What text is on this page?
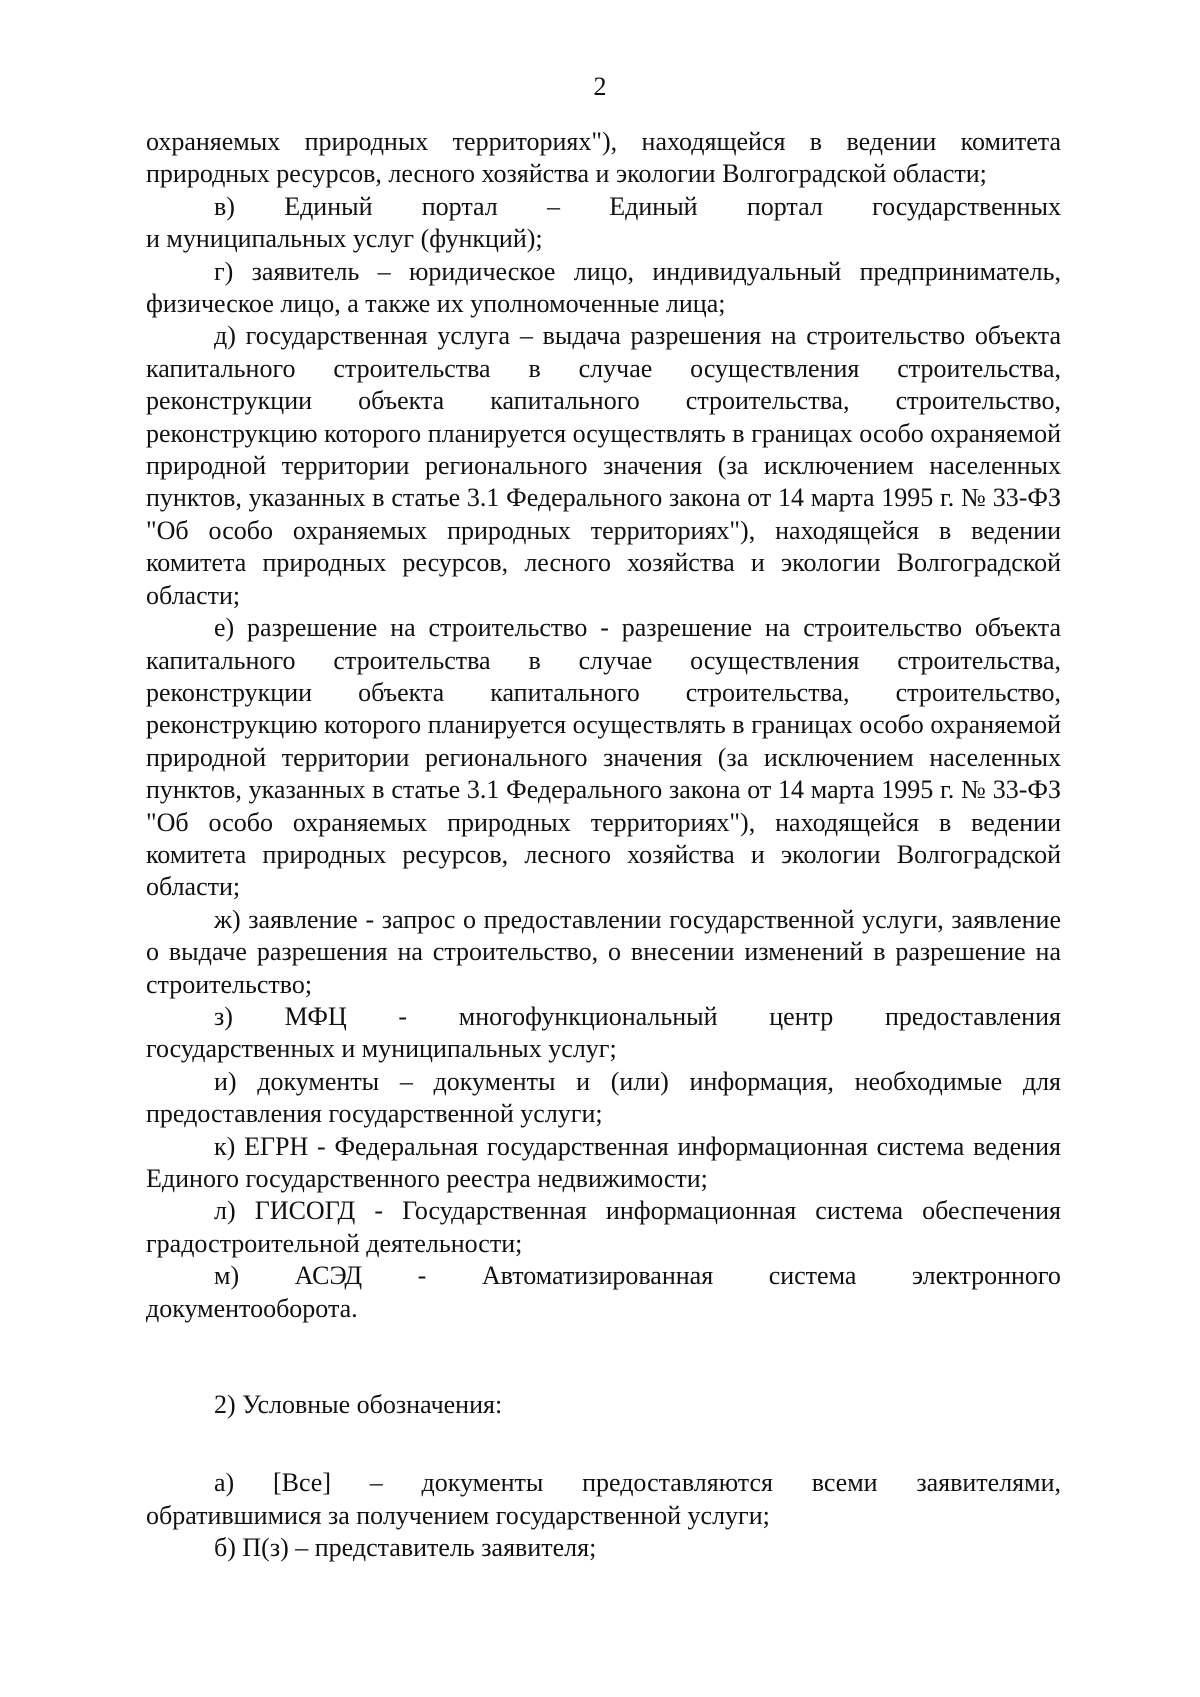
2

охраняемых природных территориях"), находящейся в ведении комитета природных ресурсов, лесного хозяйства и экологии Волгоградской области;

в) Единый портал – Единый портал государственных

и муниципальных услуг (функций);

г) заявитель – юридическое лицо, индивидуальный предприниматель, физическое лицо, а также их уполномоченные лица;

д) государственная услуга – выдача разрешения на строительство объекта капитального строительства в случае осуществления строительства, реконструкции объекта капитального строительства, строительство, реконструкцию которого планируется осуществлять в границах особо охраняемой природной территории регионального значения (за исключением населенных пунктов, указанных в статье 3.1 Федерального закона от 14 марта 1995 г. № 33-ФЗ "Об особо охраняемых природных территориях"), находящейся в ведении комитета природных ресурсов, лесного хозяйства и экологии Волгоградской области;

е) разрешение на строительство - разрешение на строительство объекта капитального строительства в случае осуществления строительства, реконструкции объекта капитального строительства, строительство, реконструкцию которого планируется осуществлять в границах особо охраняемой природной территории регионального значения (за исключением населенных пунктов, указанных в статье 3.1 Федерального закона от 14 марта 1995 г. № 33-ФЗ "Об особо охраняемых природных территориях"), находящейся в ведении комитета природных ресурсов, лесного хозяйства и экологии Волгоградской области;

ж) заявление - запрос о предоставлении государственной услуги, заявление о выдаче разрешения на строительство, о внесении изменений в разрешение на строительство;

з) МФЦ - многофункциональный центр предоставления

государственных и муниципальных услуг;

и) документы – документы и (или) информация, необходимые для предоставления государственной услуги;

к) ЕГРН - Федеральная государственная информационная система ведения Единого государственного реестра недвижимости;

л) ГИСОГД - Государственная информационная система обеспечения градостроительной деятельности;

м) АСЭД - Автоматизированная система электронного

документооборота.

2) Условные обозначения:

а) [Все] – документы предоставляются всеми заявителями,

обратившимися за получением государственной услуги;

б) П(з) – представитель заявителя;
